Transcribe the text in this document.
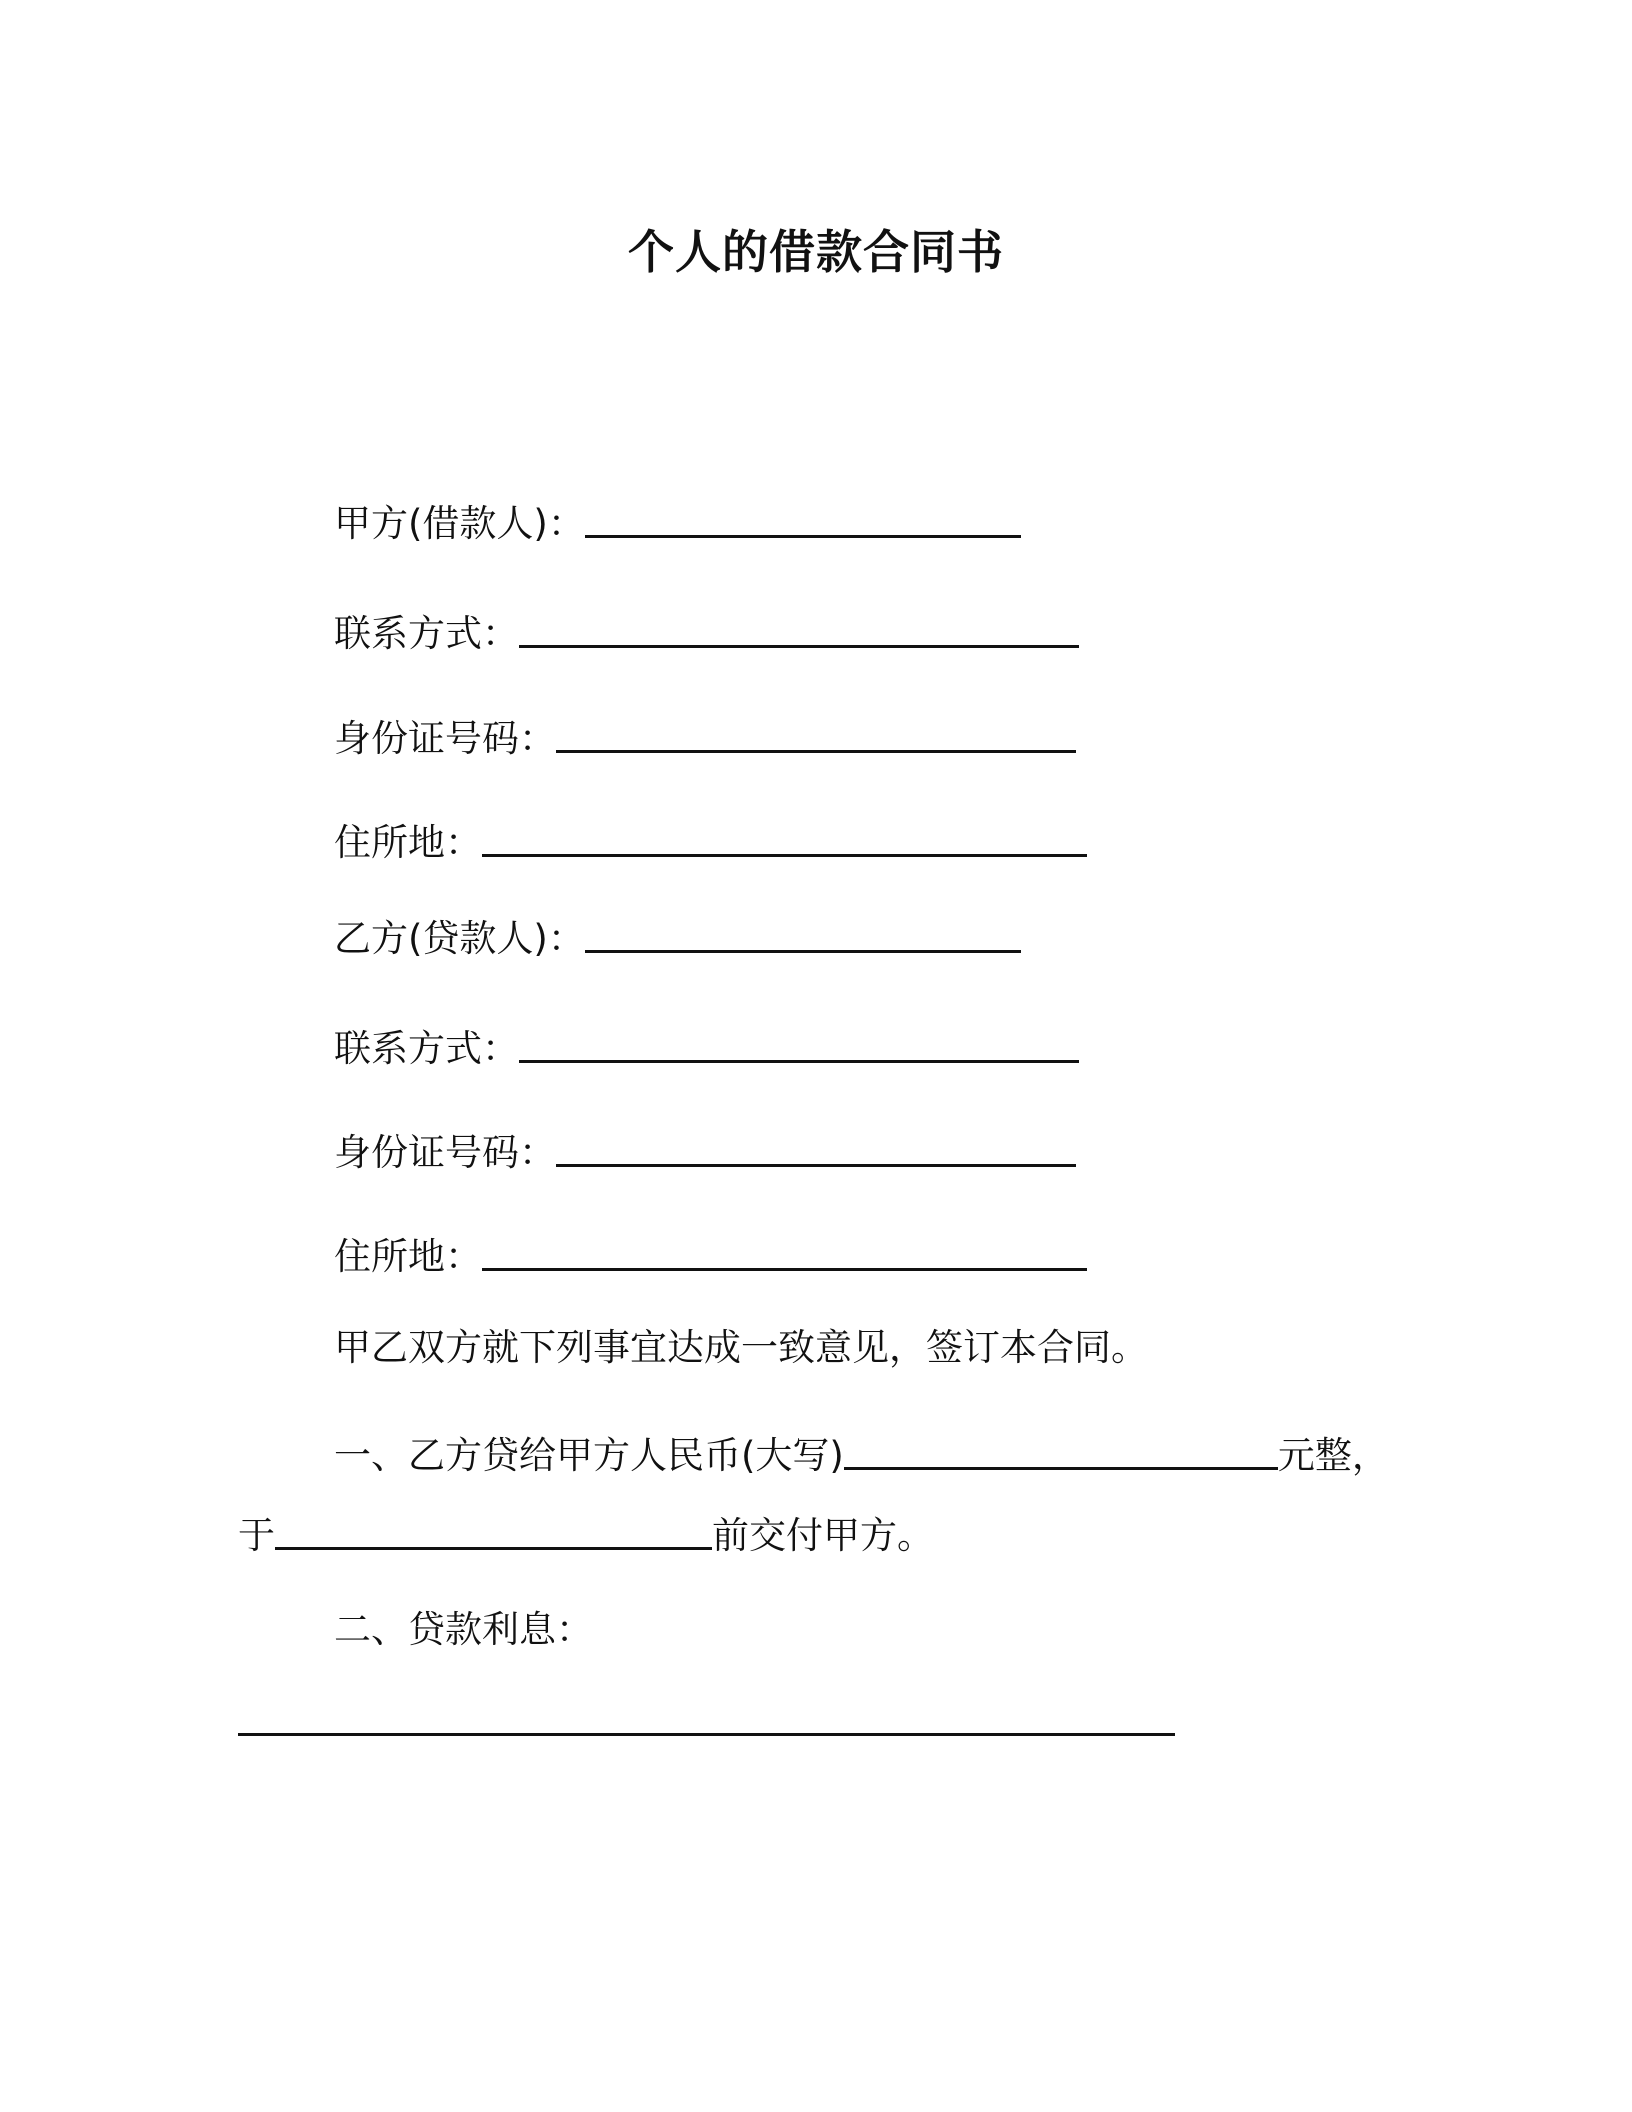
个人的借款合同书
甲方(借款人)：
联系方式：
身份证号码：
住所地：
乙方(贷款人)：
联系方式：
身份证号码：
住所地：
甲乙双方就下列事宜达成一致意见，签订本合同。
一、乙方贷给甲方人民币(大写)	元整，
于	前交付甲方。
二、贷款利息：
